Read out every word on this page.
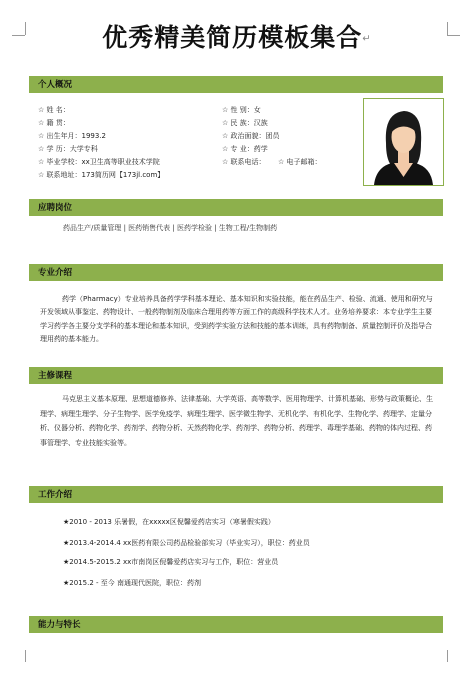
优秀精美简历模板集合↵
个人概况
☆ 姓 名：	☆ 性 别：女
☆ 籍 贯：	☆ 民 族：汉族
☆ 出生年月：1993.2	☆ 政治面貌：团员
☆ 学 历：大学专科	☆ 专 业：药学
☆ 毕业学校：xx卫生高等职业技术学院	☆ 联系电话： ☆ 电子邮箱：
☆ 联系地址：173简历网【173jl.com】
应聘岗位
药品生产/质量管理 | 医药销售代表 | 医药学检验 | 生物工程/生物制药
专业介绍
药学（Pharmacy）专业培养具备药学学科基本理论、基本知识和实验技能，能在药品生产、检验、流通、使用和研究与开发领域从事鉴定、药物设计、一般药物制剂及临床合理用药等方面工作的高级科学技术人才。业务培养要求：本专业学生主要学习药学各主要分支学科的基本理论和基本知识，受到药学实验方法和技能的基本训练，具有药物制备、质量控制评价及指导合理用药的基本能力。
主修课程
马克思主义基本原理、思想道德修养、法律基础、大学英语、高等数学、医用物理学、计算机基础、形势与政策概论、生理学、病理生理学、分子生物学、医学免疫学、病理生理学、医学微生物学、无机化学、有机化学、生物化学、药理学、定量分析、仪器分析、药物化学、药剂学、药物分析、天然药物化学、药剂学、药物分析、药理学、毒理学基础、药物的体内过程、药事管理学、专业技能实验等。
工作介绍
★2010 - 2013 乐暑假，在xxxxx区倪馨爱药店实习（寒暑假实践）
★2013.4-2014.4 xx医药有限公司药品检验部实习（毕业实习），职位：药业员
★2014.5-2015.2 xx市南岗区倪馨爱药店实习与工作，职位：营业员
★2015.2 - 至今 南通现代医院，职位：药剂
能力与特长
